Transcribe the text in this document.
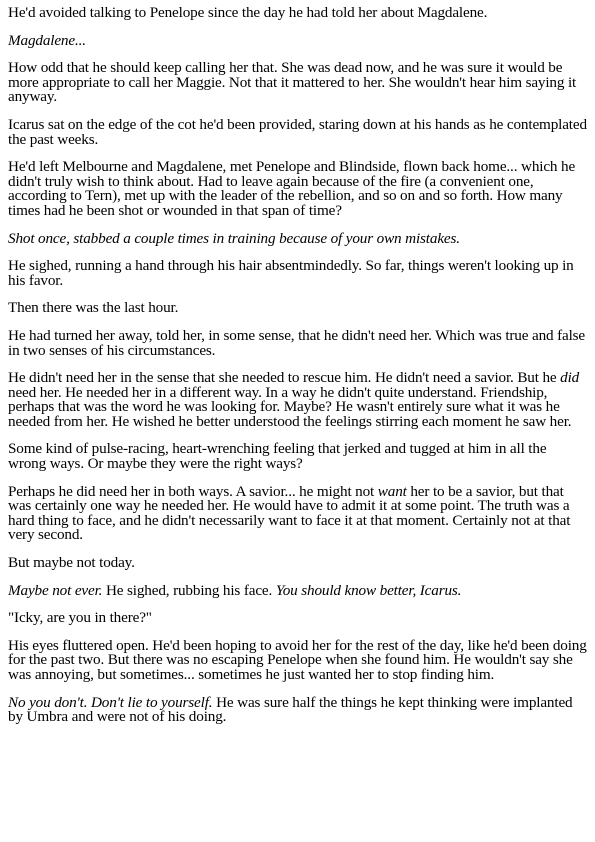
He'd avoided talking to Penelope since the day he had told her about Magdalene.

Magdalene...

How odd that he should keep calling her that. She was dead now, and he was sure it would be more appropriate to call her Maggie. Not that it mattered to her. She wouldn't hear him saying it anyway.

Icarus sat on the edge of the cot he'd been provided, staring down at his hands as he contemplated the past weeks.

He'd left Melbourne and Magdalene, met Penelope and Blindside, flown back home... which he didn't truly wish to think about. Had to leave again because of the fire (a convenient one, according to Tern), met up with the leader of the rebellion, and so on and so forth. How many times had he been shot or wounded in that span of time?

Shot once, stabbed a couple times in training because of your own mistakes.

He sighed, running a hand through his hair absentmindedly. So far, things weren't looking up in his favor.

Then there was the last hour.

He had turned her away, told her, in some sense, that he didn't need her. Which was true and false in two senses of his circumstances.

He didn't need her in the sense that she needed to rescue him. He didn't need a savior. But he did need her. He needed her in a different way. In a way he didn't quite understand. Friendship, perhaps that was the word he was looking for. Maybe? He wasn't entirely sure what it was he needed from her. He wished he better understood the feelings stirring each moment he saw her.

Some kind of pulse-racing, heart-wrenching feeling that jerked and tugged at him in all the wrong ways. Or maybe they were the right ways?

Perhaps he did need her in both ways. A savior... he might not want her to be a savior, but that was certainly one way he needed her. He would have to admit it at some point. The truth was a hard thing to face, and he didn't necessarily want to face it at that moment. Certainly not at that very second.

But maybe not today.

Maybe not ever. He sighed, rubbing his face. You should know better, Icarus.

"Icky, are you in there?"

His eyes fluttered open. He'd been hoping to avoid her for the rest of the day, like he'd been doing for the past two. But there was no escaping Penelope when she found him. He wouldn't say she was annoying, but sometimes... sometimes he just wanted her to stop finding him.

No you don't. Don't lie to yourself. He was sure half the things he kept thinking were implanted by Umbra and were not of his doing.
